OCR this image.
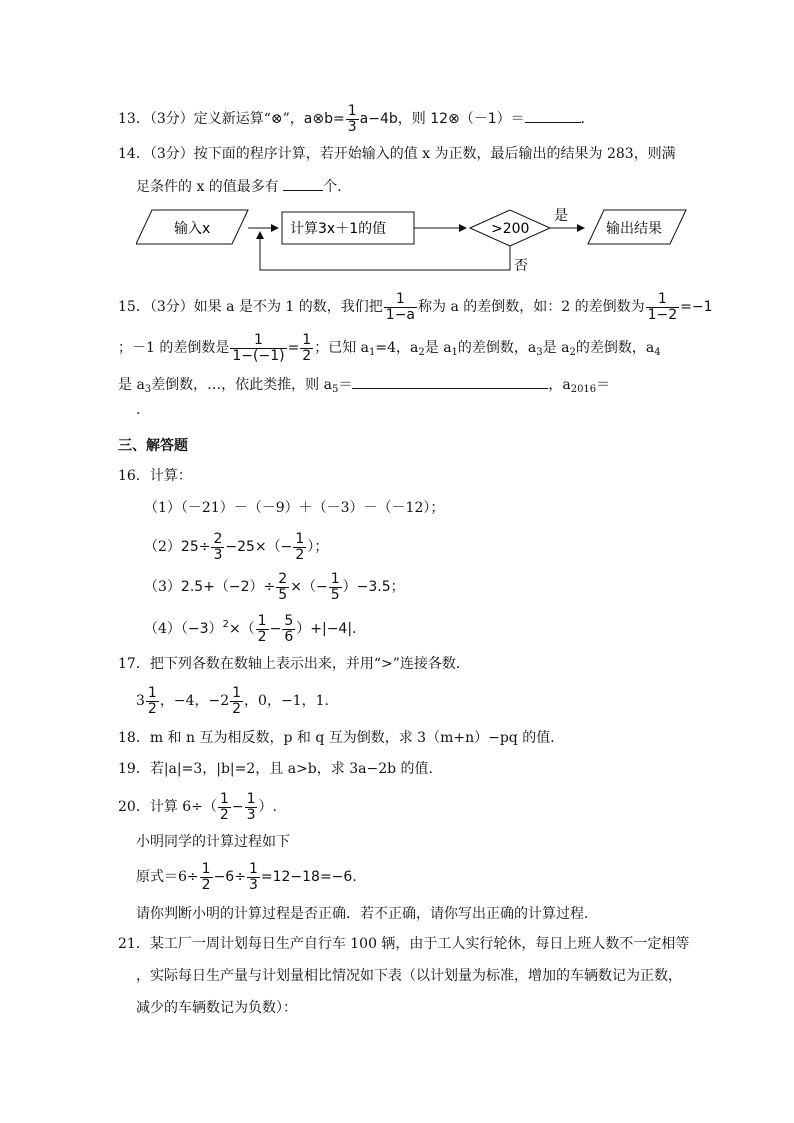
13．（3分）定义新运算“⊗”，a⊗b= $\frac{1}{3} a-4b$，则 12⊗（－1）＝	.
14．（3分）按下面的程序计算，若开始输入的值 x 为正数，最后输出的结果为 283，则满
足条件的 x 的值最多有	个．
输入x	计算3x＋1的值	>200
是
输出结果
否
15．（3分）如果 a 是不为 1 的数，我们把 $\frac{1}{1-a}$ 称为 a 的差倒数，如：2 的差倒数为 $\frac{1}{1-2} =-1$
；－1 的差倒数是 $\frac{1}{1-(-1)} = \frac{1}{2}$ ；已知 $a_1=4$，$a_2$是 $a_1$的差倒数，$a_3$是 $a_2$的差倒数，$a_4$
是 $a_3$差倒数，…，依此类推，则 $a_5=$	，$a_{2016}=$
.
三、解答题
16．计算：
（1）（－21）－（－9）＋（－3）－（－12）；
$(2)25\div \frac{2}{3} -25\times(- \frac{1}{2}$ ）；
$(3)2.5+(-2)\div \frac{2}{5}$ ×（− $\frac{1}{5} )-3.5$；
$(4)(-3)^2\times( \frac{1}{2} - \frac{5}{6} )+|-4|$.
17．把下列各数在数轴上表示出来，并用“>”连接各数．
$3 \frac{1}{2}$ ，−4，$-2 \frac{1}{2}$ ，0，−1，1.
18．m 和 n 互为相反数，p 和 q 互为倒数，求 3（m+n）−pq 的值．
19．若|a|=3，|b|=2，且 a>b，求 3a−2b 的值．
20．计算 $6\div( \frac{1}{2} - \frac{1}{3}$ ）.
小明同学的计算过程如下
原式$=6\div \frac{1}{2} -6\div \frac{1}{3} =12-18=-6$.
请你判断小明的计算过程是否正确．若不正确，请你写出正确的计算过程．
21．某工厂一周计划每日生产自行车 100 辆，由于工人实行轮休，每日上班人数不一定相等
，实际每日生产量与计划量相比情况如下表（以计划量为标准，增加的车辆数记为正数，
减少的车辆数记为负数）：
